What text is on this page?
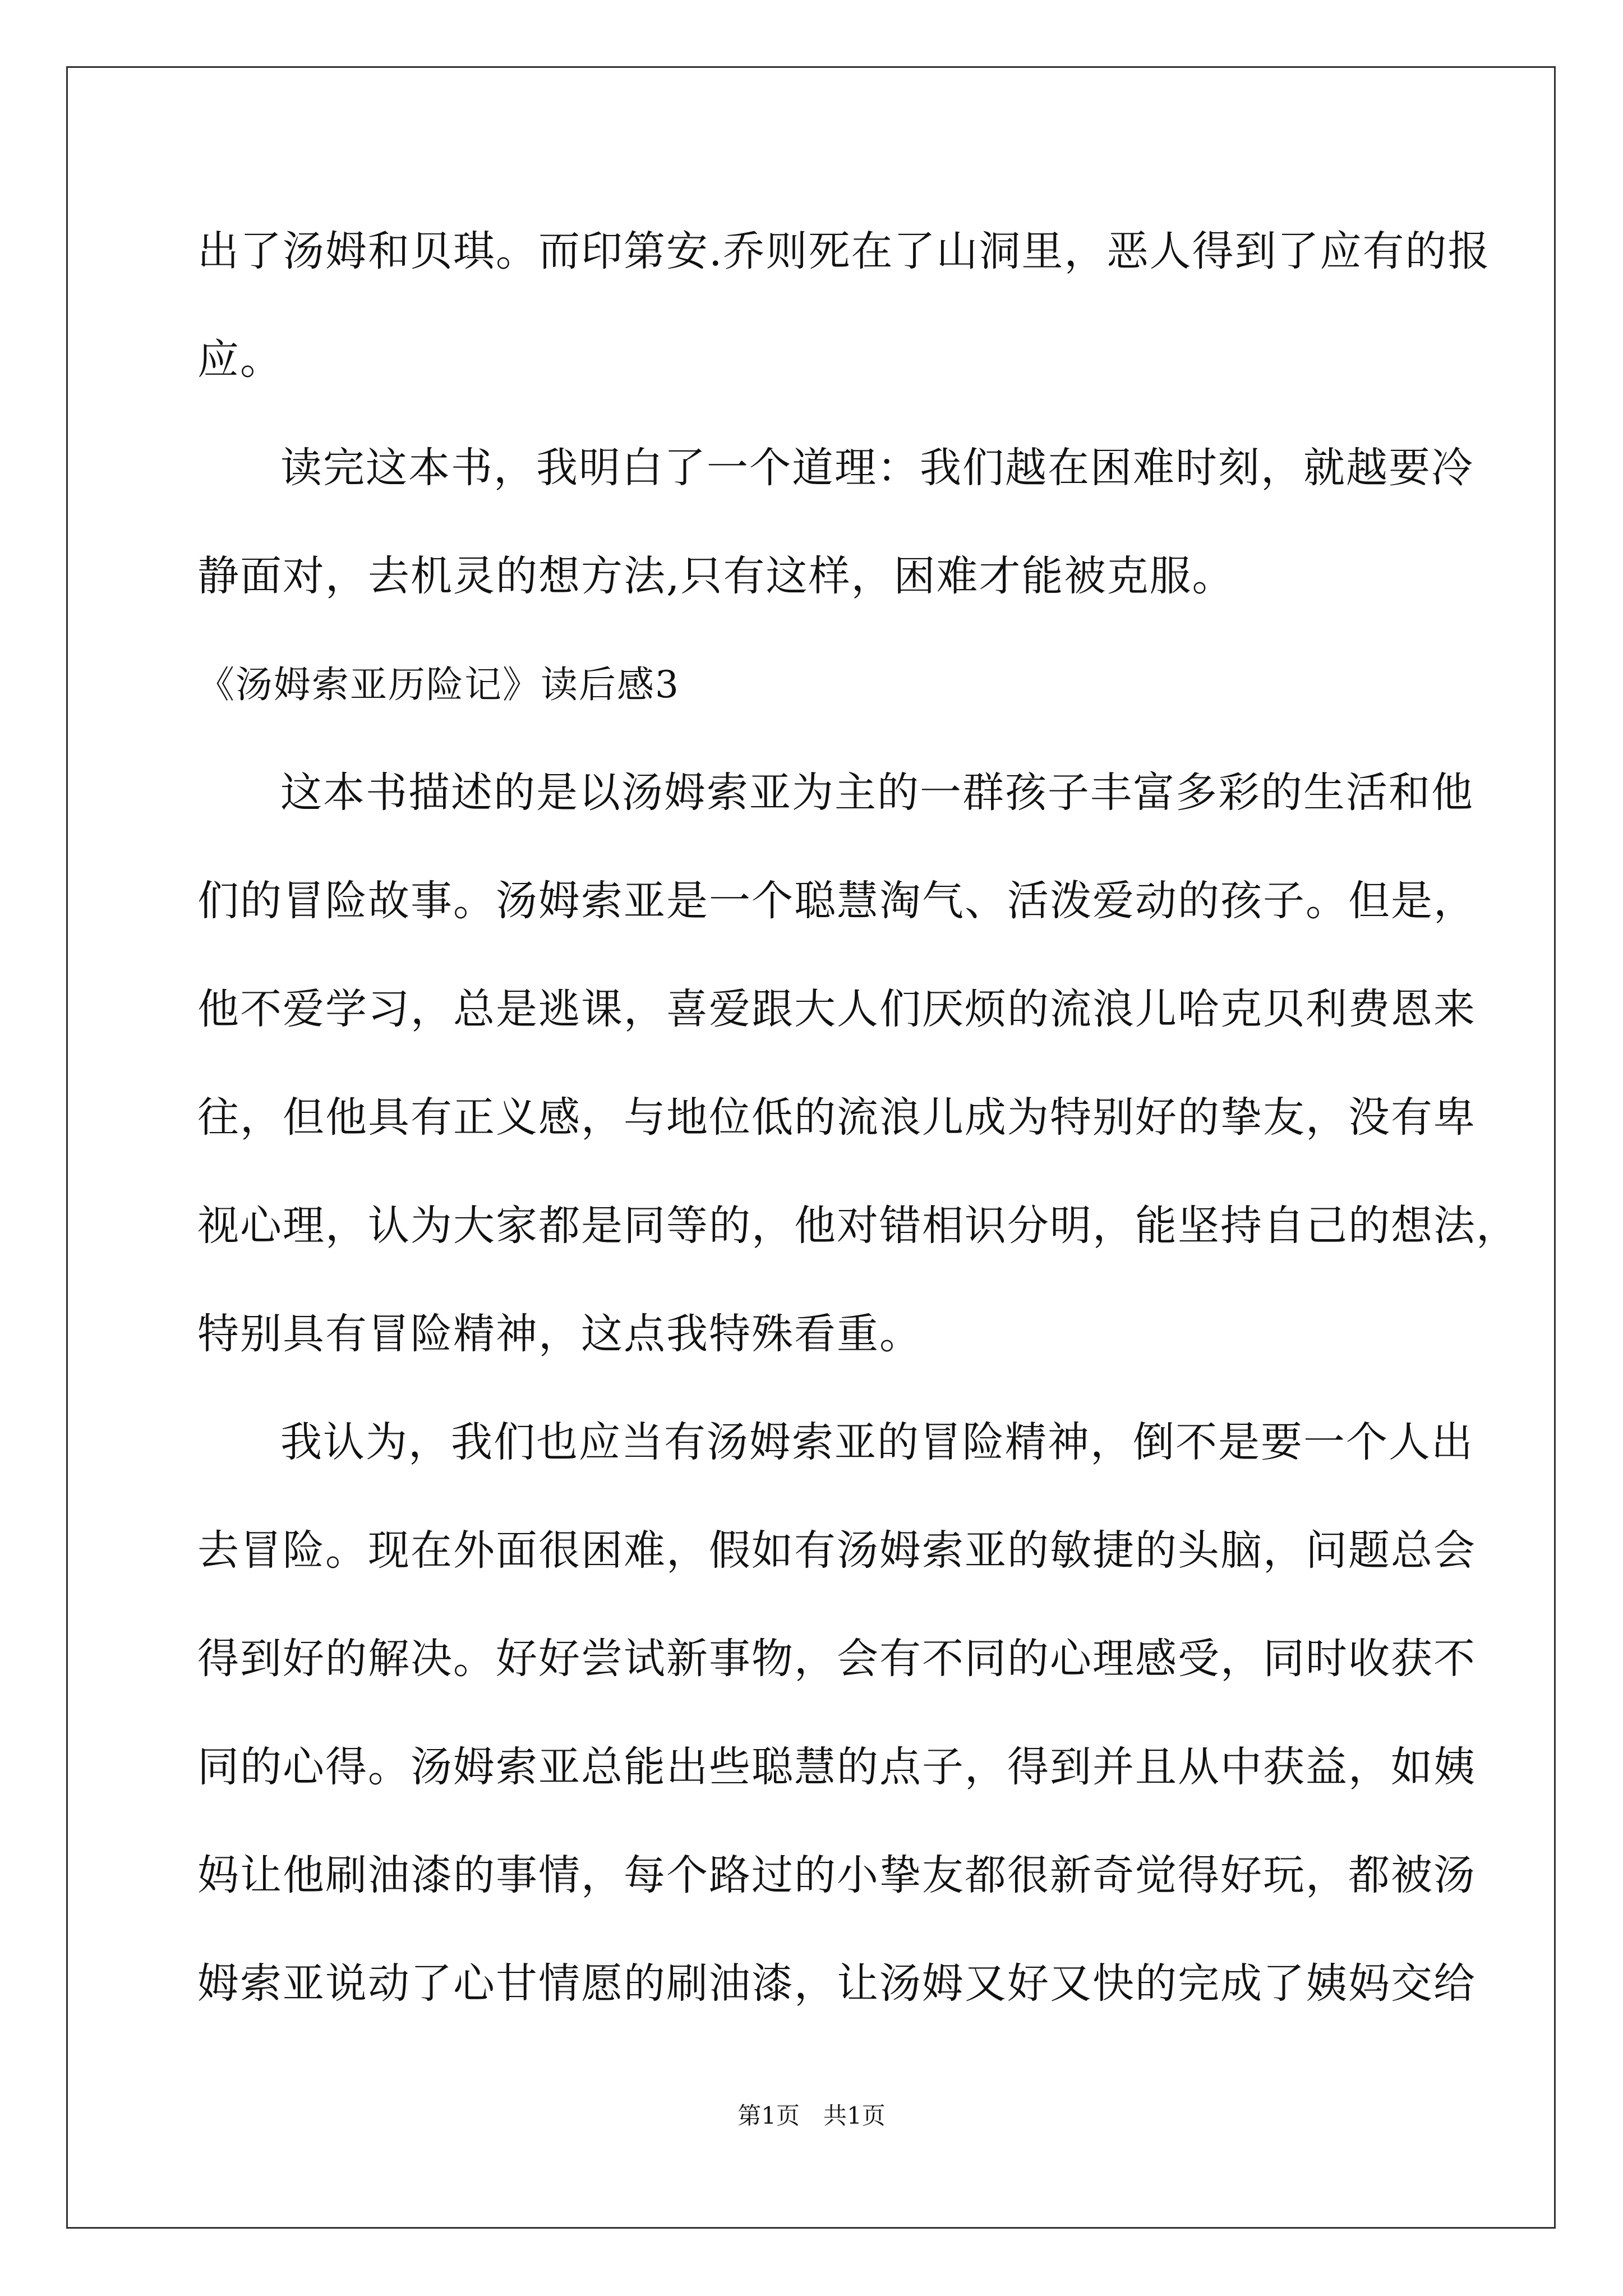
出了汤姆和贝琪。而印第安.乔则死在了山洞里，恶人得到了应有的报
应。
读完这本书，我明白了一个道理：我们越在困难时刻，就越要冷
静面对，去机灵的想方法,只有这样，困难才能被克服。
《汤姆索亚历险记》读后感3
这本书描述的是以汤姆索亚为主的一群孩子丰富多彩的生活和他
们的冒险故事。汤姆索亚是一个聪慧淘气、活泼爱动的孩子。但是，
他不爱学习，总是逃课，喜爱跟大人们厌烦的流浪儿哈克贝利费恩来
往，但他具有正义感，与地位低的流浪儿成为特别好的挚友，没有卑
视心理，认为大家都是同等的，他对错相识分明，能坚持自己的想法，
特别具有冒险精神，这点我特殊看重。
我认为，我们也应当有汤姆索亚的冒险精神，倒不是要一个人出
去冒险。现在外面很困难，假如有汤姆索亚的敏捷的头脑，问题总会
得到好的解决。好好尝试新事物，会有不同的心理感受，同时收获不
同的心得。汤姆索亚总能出些聪慧的点子，得到并且从中获益，如姨
妈让他刷油漆的事情，每个路过的小挚友都很新奇觉得好玩，都被汤
姆索亚说动了心甘情愿的刷油漆，让汤姆又好又快的完成了姨妈交给
第1页　共1页
